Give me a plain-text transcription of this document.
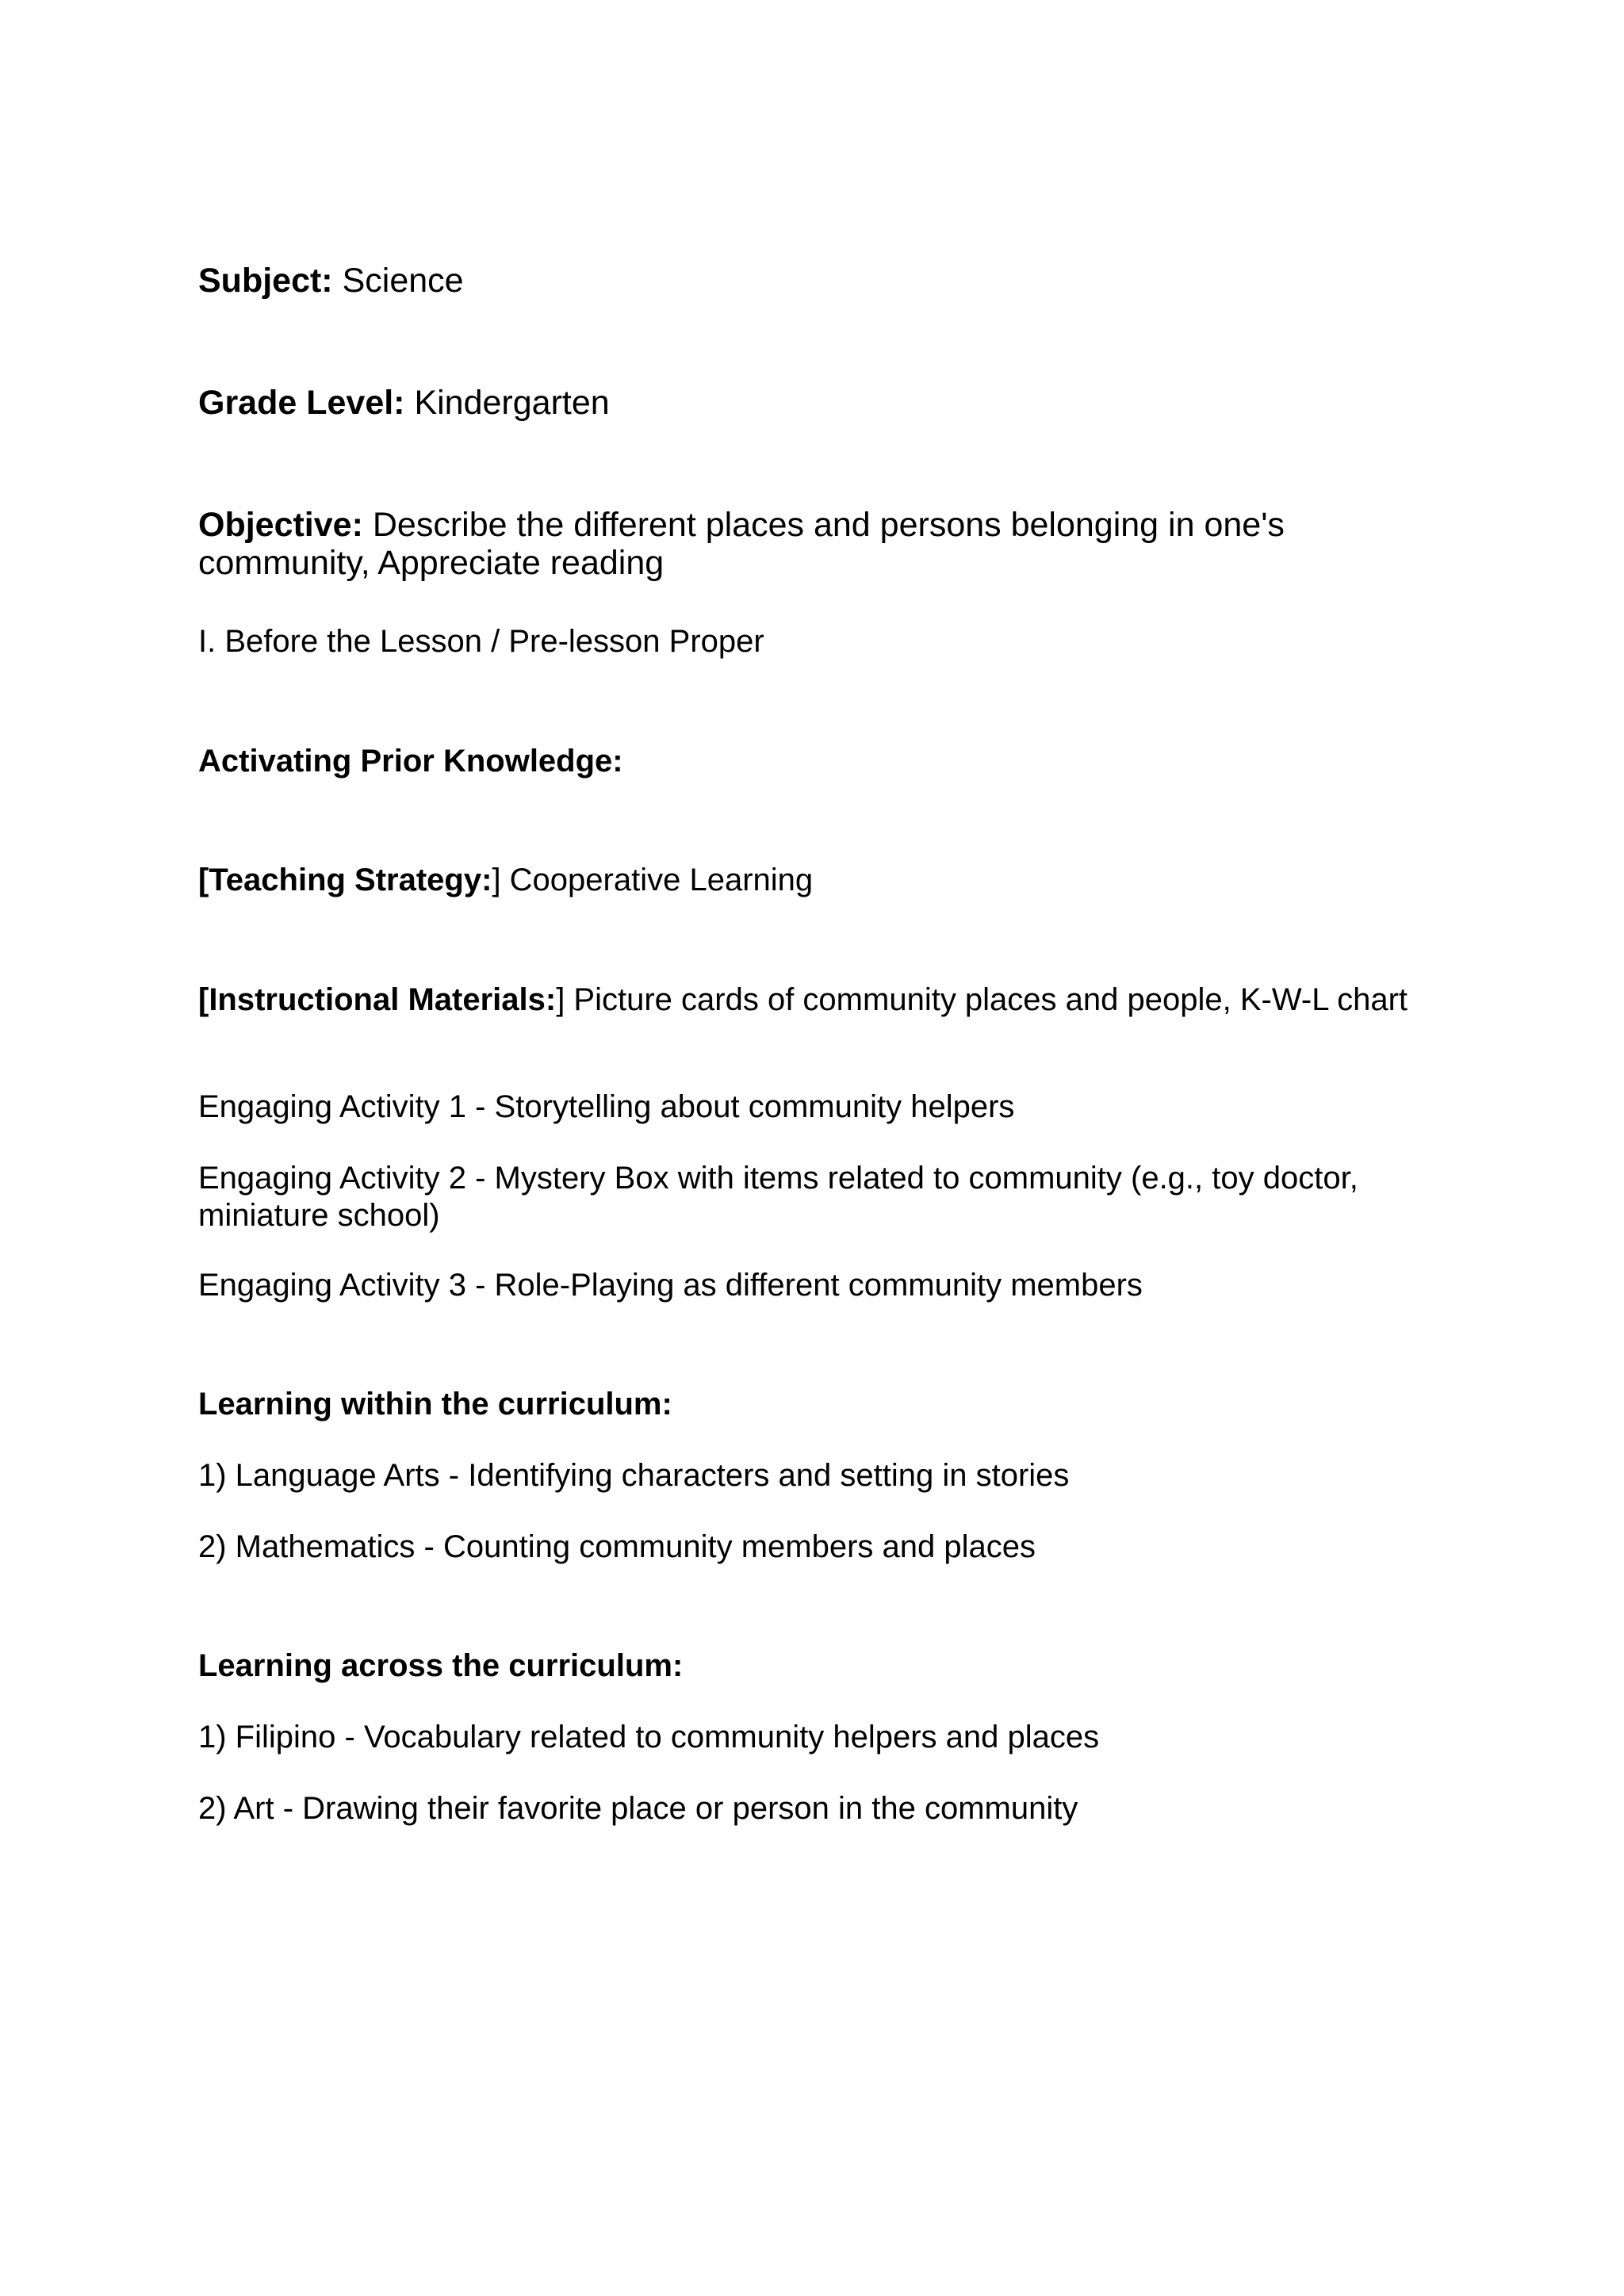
Subject: Science

Grade Level: Kindergarten

Objective: Describe the different places and persons belonging in one's community, Appreciate reading

I. Before the Lesson / Pre-lesson Proper

Activating Prior Knowledge:

[Teaching Strategy:] Cooperative Learning

[Instructional Materials:] Picture cards of community places and people, K-W-L chart

Engaging Activity 1 - Storytelling about community helpers

Engaging Activity 2 - Mystery Box with items related to community (e.g., toy doctor, miniature school)

Engaging Activity 3 - Role-Playing as different community members

Learning within the curriculum:

1) Language Arts - Identifying characters and setting in stories

2) Mathematics - Counting community members and places

Learning across the curriculum:

1) Filipino - Vocabulary related to community helpers and places

2) Art - Drawing their favorite place or person in the community
